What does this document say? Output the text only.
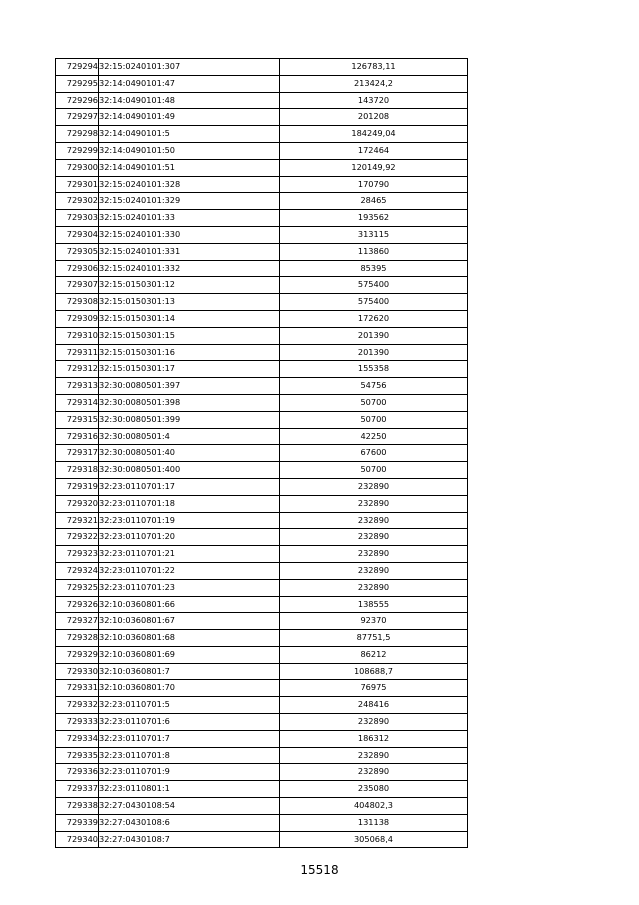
729294	32:15:0240101:307	126783,11
729295	32:14:0490101:47	213424,2
729296	32:14:0490101:48	143720
729297	32:14:0490101:49	201208
729298	32:14:0490101:5	184249,04
729299	32:14:0490101:50	172464
729300	32:14:0490101:51	120149,92
729301	32:15:0240101:328	170790
729302	32:15:0240101:329	28465
729303	32:15:0240101:33	193562
729304	32:15:0240101:330	313115
729305	32:15:0240101:331	113860
729306	32:15:0240101:332	85395
729307	32:15:0150301:12	575400
729308	32:15:0150301:13	575400
729309	32:15:0150301:14	172620
729310	32:15:0150301:15	201390
729311	32:15:0150301:16	201390
729312	32:15:0150301:17	155358
729313	32:30:0080501:397	54756
729314	32:30:0080501:398	50700
729315	32:30:0080501:399	50700
729316	32:30:0080501:4	42250
729317	32:30:0080501:40	67600
729318	32:30:0080501:400	50700
729319	32:23:0110701:17	232890
729320	32:23:0110701:18	232890
729321	32:23:0110701:19	232890
729322	32:23:0110701:20	232890
729323	32:23:0110701:21	232890
729324	32:23:0110701:22	232890
729325	32:23:0110701:23	232890
729326	32:10:0360801:66	138555
729327	32:10:0360801:67	92370
729328	32:10:0360801:68	87751,5
729329	32:10:0360801:69	86212
729330	32:10:0360801:7	108688,7
729331	32:10:0360801:70	76975
729332	32:23:0110701:5	248416
729333	32:23:0110701:6	232890
729334	32:23:0110701:7	186312
729335	32:23:0110701:8	232890
729336	32:23:0110701:9	232890
729337	32:23:0110801:1	235080
729338	32:27:0430108:54	404802,3
729339	32:27:0430108:6	131138
729340	32:27:0430108:7	305068,4
15518
